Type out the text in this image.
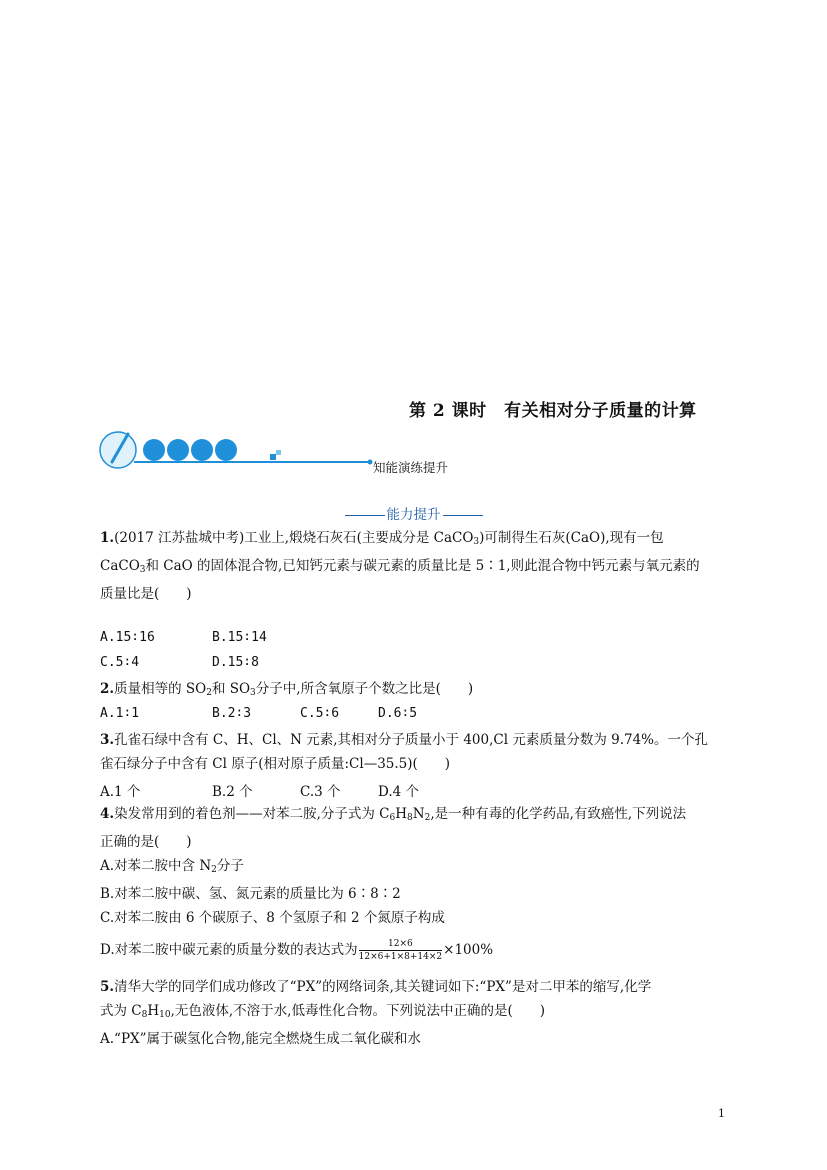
第 2 课时　有关相对分子质量的计算
知能演练提升
能力提升
1.(2017 江苏盐城中考)工业上,煅烧石灰石(主要成分是 CaCO$_3$)可制得生石灰(CaO),现有一包
CaCO$_3$和 CaO 的固体混合物,已知钙元素与碳元素的质量比是 5∶1,则此混合物中钙元素与氧元素的
质量比是(　　)
A.15∶16	B.15∶14
C.5∶4	D.15∶8
2.质量相等的 $SO_2$和 $SO_3$分子中,所含氧原子个数之比是(　　)
A.1∶1	B.2∶3	C.5∶6	D.6∶5
3.孔雀石绿中含有 C、H、Cl、N 元素,其相对分子质量小于 400,Cl 元素质量分数为 9.74%。一个孔
雀石绿分子中含有 Cl 原子(相对原子质量:Cl—35.5)(　　)
A.1 个	B.2 个	C.3 个	D.4 个
4.染发常用到的着色剂——对苯二胺,分子式为 $C_6H_8N_2$,是一种有毒的化学药品,有致癌性,下列说法
正确的是(　　)
A.对苯二胺中含 $N_2$分子
B.对苯二胺中碳、氢、氮元素的质量比为 6∶8∶2
C.对苯二胺由 6 个碳原子、8 个氢原子和 2 个氮原子构成
D.对苯二胺中碳元素的质量分数的表达式为 $\frac{12\times 6}{12\times 6+1\times 8+14\times 2} \times 100\%$
5.清华大学的同学们成功修改了“PX”的网络词条,其关键词如下:“PX”是对二甲苯的缩写,化学
式为 $C_8H_{10}$,无色液体,不溶于水,低毒性化合物。下列说法中正确的是(　　)
A.“PX”属于碳氢化合物,能完全燃烧生成二氧化碳和水
1
